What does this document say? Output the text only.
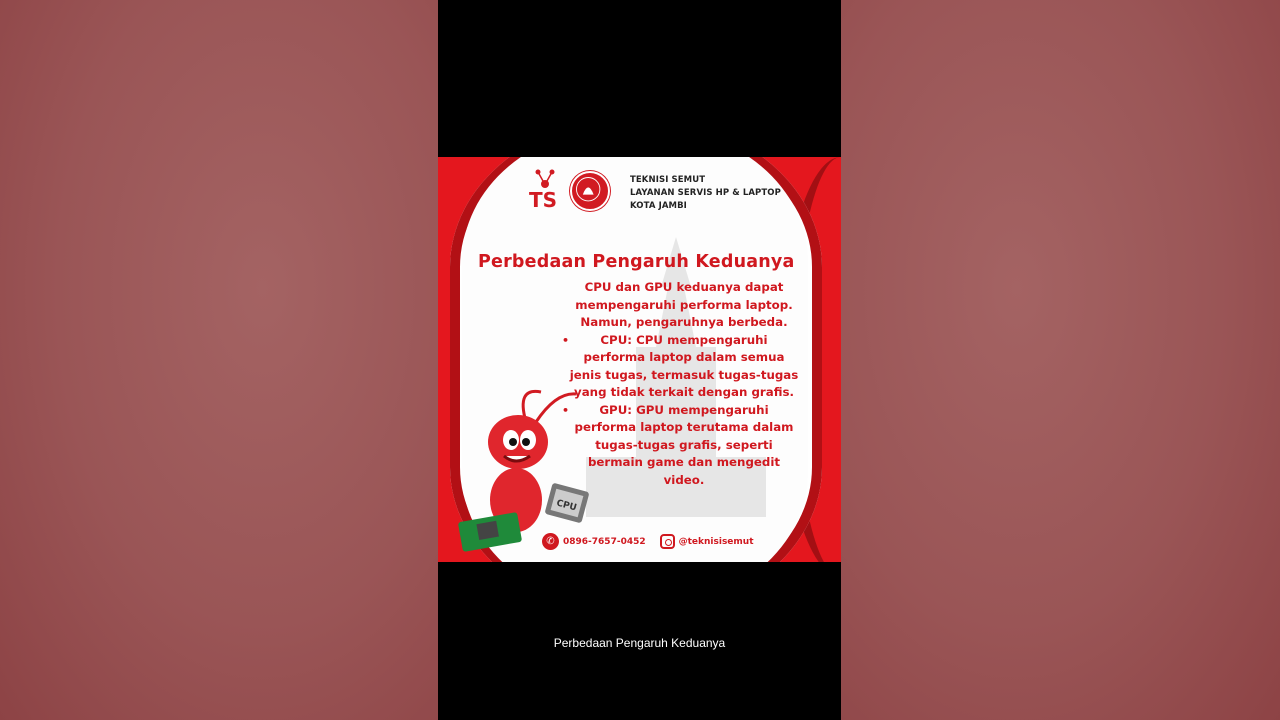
TS
TEKNISI SEMUT
LAYANAN SERVIS HP & LAPTOP
KOTA JAMBI
Perbedaan Pengaruh Keduanya
CPU dan GPU keduanya dapat
mempengaruhi performa laptop.
Namun, pengaruhnya berbeda.
•	CPU: CPU mempengaruhi
performa laptop dalam semua
jenis tugas, termasuk tugas-tugas
yang tidak terkait dengan grafis.
•	GPU: GPU mempengaruhi
performa laptop terutama dalam
tugas-tugas grafis, seperti
bermain game dan mengedit
video.
CPU
✆ 0896-7657-0452	@teknisisemut
Perbedaan Pengaruh Keduanya
